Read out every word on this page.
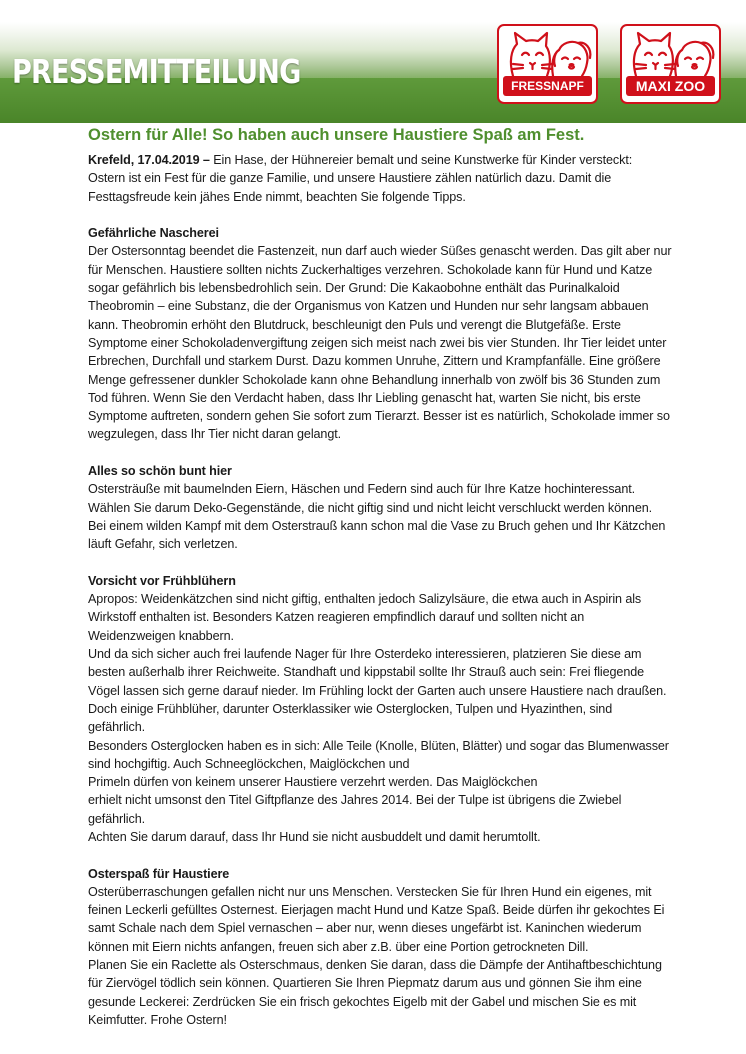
PRESSEMITTEILUNG	FRESSNAPF	MAXI ZOO
Ostern für Alle! So haben auch unsere Haustiere Spaß am Fest.
Krefeld, 17.04.2019 – Ein Hase, der Hühnereier bemalt und seine Kunstwerke für Kinder versteckt:
Ostern ist ein Fest für die ganze Familie, und unsere Haustiere zählen natürlich dazu. Damit die
Festtagsfreude kein jähes Ende nimmt, beachten Sie folgende Tipps.
Gefährliche Nascherei
Der Ostersonntag beendet die Fastenzeit, nun darf auch wieder Süßes genascht werden. Das gilt aber nur
für Menschen. Haustiere sollten nichts Zuckerhaltiges verzehren. Schokolade kann für Hund und Katze
sogar gefährlich bis lebensbedrohlich sein. Der Grund: Die Kakaobohne enthält das Purinalkaloid
Theobromin – eine Substanz, die der Organismus von Katzen und Hunden nur sehr langsam abbauen
kann. Theobromin erhöht den Blutdruck, beschleunigt den Puls und verengt die Blutgefäße. Erste
Symptome einer Schokoladenvergiftung zeigen sich meist nach zwei bis vier Stunden. Ihr Tier leidet unter
Erbrechen, Durchfall und starkem Durst. Dazu kommen Unruhe, Zittern und Krampfanfälle. Eine größere
Menge gefressener dunkler Schokolade kann ohne Behandlung innerhalb von zwölf bis 36 Stunden zum
Tod führen. Wenn Sie den Verdacht haben, dass Ihr Liebling genascht hat, warten Sie nicht, bis erste
Symptome auftreten, sondern gehen Sie sofort zum Tierarzt. Besser ist es natürlich, Schokolade immer so
wegzulegen, dass Ihr Tier nicht daran gelangt.
Alles so schön bunt hier
Ostersträuße mit baumelnden Eiern, Häschen und Federn sind auch für Ihre Katze hochinteressant.
Wählen Sie darum Deko-Gegenstände, die nicht giftig sind und nicht leicht verschluckt werden können.
Bei einem wilden Kampf mit dem Osterstrauß kann schon mal die Vase zu Bruch gehen und Ihr Kätzchen
läuft Gefahr, sich verletzen.
Vorsicht vor Frühblühern
Apropos: Weidenkätzchen sind nicht giftig, enthalten jedoch Salizylsäure, die etwa auch in Aspirin als
Wirkstoff enthalten ist. Besonders Katzen reagieren empfindlich darauf und sollten nicht an
Weidenzweigen knabbern.
Und da sich sicher auch frei laufende Nager für Ihre Osterdeko interessieren, platzieren Sie diese am
besten außerhalb ihrer Reichweite. Standhaft und kippstabil sollte Ihr Strauß auch sein: Frei fliegende
Vögel lassen sich gerne darauf nieder. Im Frühling lockt der Garten auch unsere Haustiere nach draußen.
Doch einige Frühblüher, darunter Osterklassiker wie Osterglocken, Tulpen und Hyazinthen, sind
gefährlich.
Besonders Osterglocken haben es in sich: Alle Teile (Knolle, Blüten, Blätter) und sogar das Blumenwasser
sind hochgiftig. Auch Schneeglöckchen, Maiglöckchen und
Primeln dürfen von keinem unserer Haustiere verzehrt werden. Das Maiglöckchen
erhielt nicht umsonst den Titel Giftpflanze des Jahres 2014. Bei der Tulpe ist übrigens die Zwiebel
gefährlich.
Achten Sie darum darauf, dass Ihr Hund sie nicht ausbuddelt und damit herumtollt.
Osterspaß für Haustiere
Osterüberraschungen gefallen nicht nur uns Menschen. Verstecken Sie für Ihren Hund ein eigenes, mit
feinen Leckerli gefülltes Osternest. Eierjagen macht Hund und Katze Spaß. Beide dürfen ihr gekochtes Ei
samt Schale nach dem Spiel vernaschen – aber nur, wenn dieses ungefärbt ist. Kaninchen wiederum
können mit Eiern nichts anfangen, freuen sich aber z.B. über eine Portion getrockneten Dill.
Planen Sie ein Raclette als Osterschmaus, denken Sie daran, dass die Dämpfe der Antihaftbeschichtung
für Ziervögel tödlich sein können. Quartieren Sie Ihren Piepmatz darum aus und gönnen Sie ihm eine
gesunde Leckerei: Zerdrücken Sie ein frisch gekochtes Eigelb mit der Gabel und mischen Sie es mit
Keimfutter. Frohe Ostern!
